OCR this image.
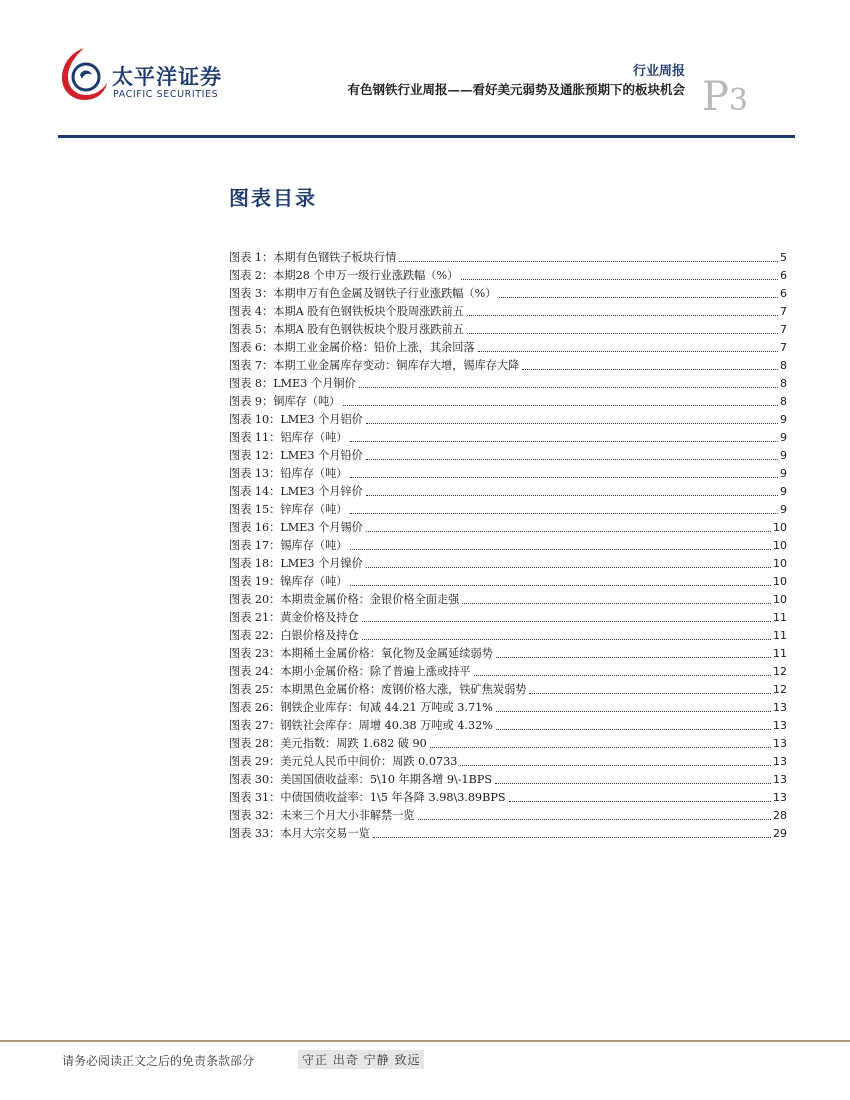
太平洋证券
PACIFIC SECURITIES
行业周报
有色钢铁行业周报——看好美元弱势及通胀预期下的板块机会 P3
图表目录
图表 1：本期有色钢铁子板块行情	5
图表 2：本期28 个申万一级行业涨跌幅（%）	6
图表 3：本期申万有色金属及钢铁子行业涨跌幅（%）	6
图表 4：本期A 股有色钢铁板块个股周涨跌前五	7
图表 5：本期A 股有色钢铁板块个股月涨跌前五	7
图表 6：本期工业金属价格：铅价上涨，其余回落	7
图表 7：本期工业金属库存变动：铜库存大增，锡库存大降	8
图表 8：LME3 个月铜价	8
图表 9：铜库存（吨）	8
图表 10：LME3 个月铝价	9
图表 11：铝库存（吨）	9
图表 12：LME3 个月铅价	9
图表 13：铅库存（吨）	9
图表 14：LME3 个月锌价	9
图表 15：锌库存（吨）	9
图表 16：LME3 个月锡价	10
图表 17：锡库存（吨）	10
图表 18：LME3 个月镍价	10
图表 19：镍库存（吨）	10
图表 20：本期贵金属价格：金银价格全面走强	10
图表 21：黄金价格及持仓	11
图表 22：白银价格及持仓	11
图表 23：本期稀土金属价格：氧化物及金属延续弱势	11
图表 24：本期小金属价格：除了普遍上涨或持平	12
图表 25：本期黑色金属价格：废钢价格大涨，铁矿焦炭弱势	12
图表 26：钢铁企业库存：旬减 44.21 万吨或 3.71%	13
图表 27：钢铁社会库存：周增 40.38 万吨或 4.32%	13
图表 28：美元指数：周跌 1.682 破 90	13
图表 29：美元兑人民币中间价：周跌 0.0733	13
图表 30：美国国债收益率：5\10 年期各增 9\-1BPS	13
图表 31：中债国债收益率：1\5 年各降 3.98\3.89BPS	13
图表 32：未来三个月大小非解禁一览	28
图表 33：本月大宗交易一览	29
请务必阅读正文之后的免责条款部分	守正 出奇 宁静 致远
